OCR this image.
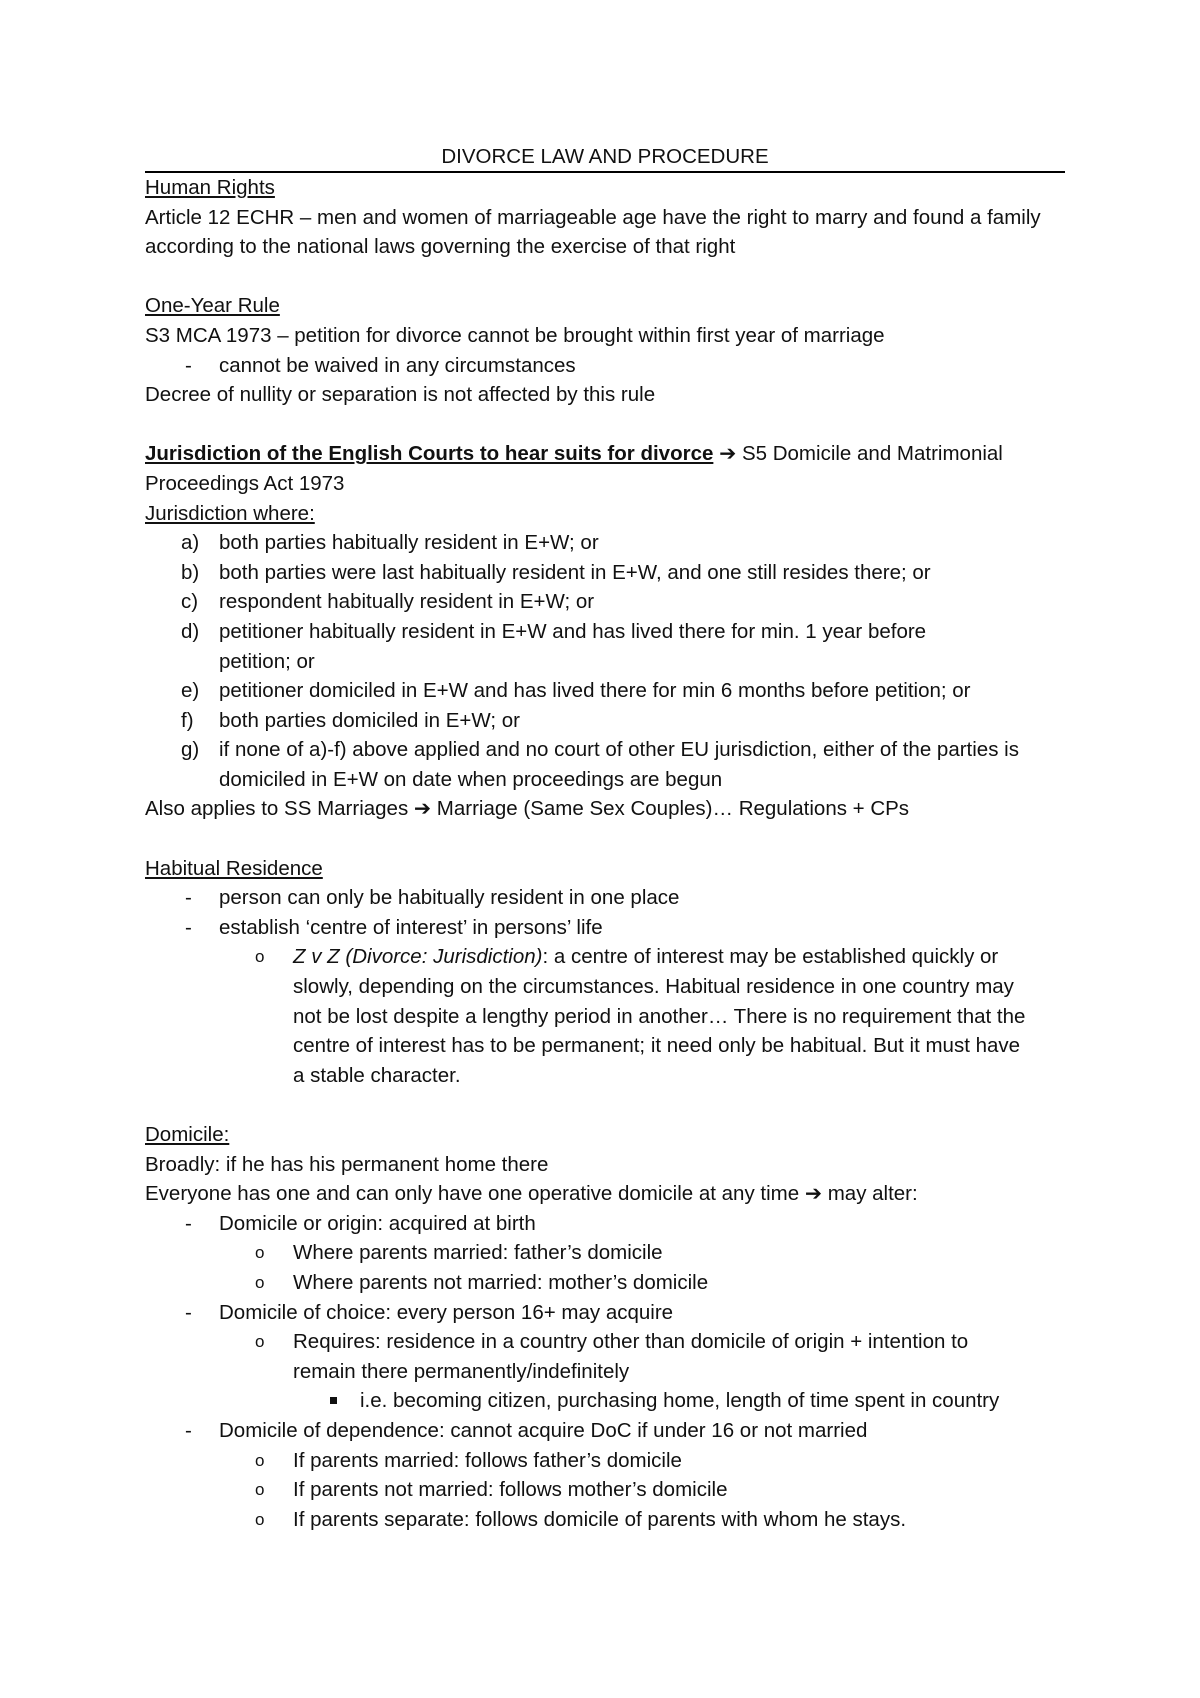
DIVORCE LAW AND PROCEDURE
Human Rights
Article 12 ECHR – men and women of marriageable age have the right to marry and found a family according to the national laws governing the exercise of that right
One-Year Rule
S3 MCA 1973 – petition for divorce cannot be brought within first year of marriage
- cannot be waived in any circumstances
Decree of nullity or separation is not affected by this rule
Jurisdiction of the English Courts to hear suits for divorce ➔ S5 Domicile and Matrimonial Proceedings Act 1973
Jurisdiction where:
a) both parties habitually resident in E+W; or
b) both parties were last habitually resident in E+W, and one still resides there; or
c) respondent habitually resident in E+W; or
d) petitioner habitually resident in E+W and has lived there for min. 1 year before petition; or
e) petitioner domiciled in E+W and has lived there for min 6 months before petition; or
f) both parties domiciled in E+W; or
g) if none of a)-f) above applied and no court of other EU jurisdiction, either of the parties is domiciled in E+W on date when proceedings are begun
Also applies to SS Marriages ➔ Marriage (Same Sex Couples)… Regulations + CPs
Habitual Residence
- person can only be habitually resident in one place
- establish ‘centre of interest’ in persons’ life
o Z v Z (Divorce: Jurisdiction): a centre of interest may be established quickly or slowly, depending on the circumstances. Habitual residence in one country may not be lost despite a lengthy period in another… There is no requirement that the centre of interest has to be permanent; it need only be habitual. But it must have a stable character.
Domicile:
Broadly: if he has his permanent home there
Everyone has one and can only have one operative domicile at any time ➔ may alter:
- Domicile or origin: acquired at birth
o Where parents married: father’s domicile
o Where parents not married: mother’s domicile
- Domicile of choice: every person 16+ may acquire
o Requires: residence in a country other than domicile of origin + intention to remain there permanently/indefinitely
i.e. becoming citizen, purchasing home, length of time spent in country
- Domicile of dependence: cannot acquire DoC if under 16 or not married
o If parents married: follows father’s domicile
o If parents not married: follows mother’s domicile
o If parents separate: follows domicile of parents with whom he stays.
